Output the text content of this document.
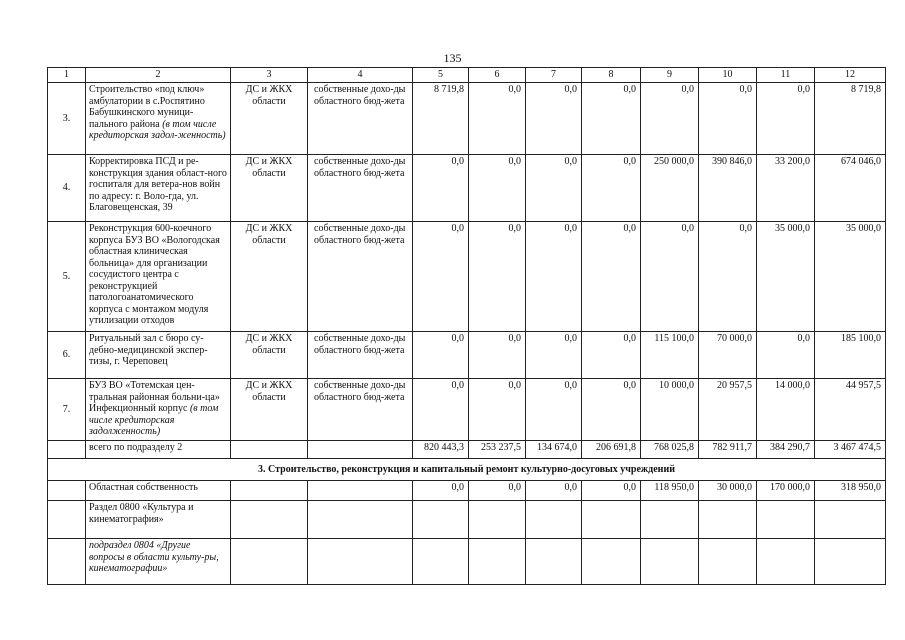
135
1	2	3	4	5	6	7	8	9	10	11	12
3.	Строительство «под ключ» амбулатории в с.Роспятино Бабушкинского муници-пального района (в том числе кредиторская задол-женность)	ДС и ЖКХ области	собственные дохо-ды областного бюд-жета	8 719,8	0,0	0,0	0,0	0,0	0,0	0,0	8 719,8
4.	Корректировка ПСД и ре-конструкция здания област-ного госпиталя для ветера-нов войн по адресу: г. Воло-гда, ул. Благовещенская, 39	ДС и ЖКХ области	собственные дохо-ды областного бюд-жета	0,0	0,0	0,0	0,0	250 000,0	390 846,0	33 200,0	674 046,0
5.	Реконструкция 600-коечного корпуса БУЗ ВО «Вологодская областная клиническая больница» для организации сосудистого центра с реконструкцией патологоанатомического корпуса с монтажом модуля утилизации отходов	ДС и ЖКХ области	собственные дохо-ды областного бюд-жета	0,0	0,0	0,0	0,0	0,0	0,0	35 000,0	35 000,0
6.	Ритуальный зал с бюро су-дебно-медицинской экспер-тизы, г. Череповец	ДС и ЖКХ области	собственные дохо-ды областного бюд-жета	0,0	0,0	0,0	0,0	115 100,0	70 000,0	0,0	185 100,0
7.	БУЗ ВО «Тотемская цен-тральная районная больни-ца» Инфекционный корпус (в том числе кредиторская задолженность)	ДС и ЖКХ области	собственные дохо-ды областного бюд-жета	0,0	0,0	0,0	0,0	10 000,0	20 957,5	14 000,0	44 957,5
	всего по подразделу 2			820 443,3	253 237,5	134 674,0	206 691,8	768 025,8	782 911,7	384 290,7	3 467 474,5
3. Строительство, реконструкция и капитальный ремонт культурно-досуговых учреждений											
	Областная собственность			0,0	0,0	0,0	0,0	118 950,0	30 000,0	170 000,0	318 950,0
	Раздел 0800 «Культура и кинематография»										
	подраздел 0804 «Другие вопросы в области культу-ры, кинематографии»										
